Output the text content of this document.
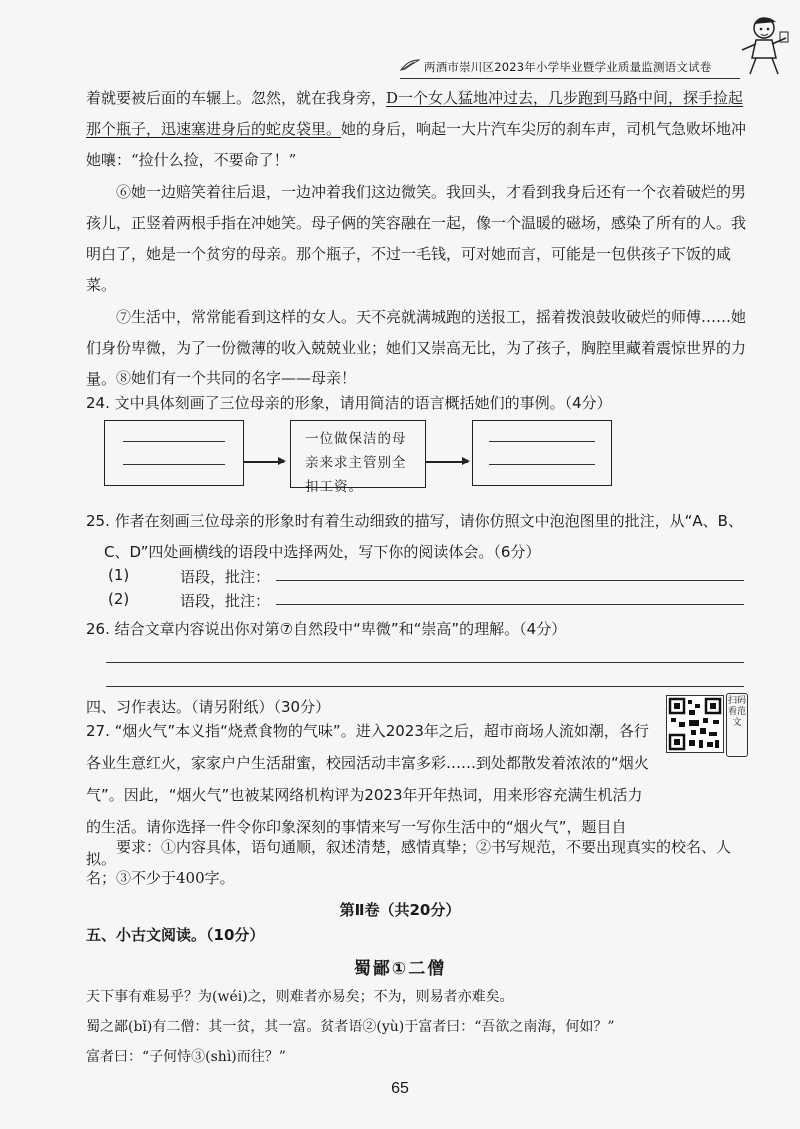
两酒市崇川区2023年小学毕业暨学业质量监测语文试卷
着就要被后面的车辗上。忽然，就在我身旁，D一个女人猛地冲过去，几步跑到马路中间，探手捡起那个瓶子，迅速塞进身后的蛇皮袋里。她的身后，响起一大片汽车尖厉的刹车声，司机气急败坏地冲她嚷：“捡什么捡，不要命了！”
⑥她一边赔笑着往后退，一边冲着我们这边微笑。我回头，才看到我身后还有一个衣着破烂的男孩儿，正竖着两根手指在冲她笑。母子俩的笑容融在一起，像一个温暖的磁场，感染了所有的人。我明白了，她是一个贫穷的母亲。那个瓶子，不过一毛钱，可对她而言，可能是一包供孩子下饭的咸菜。
⑦生活中，常常能看到这样的女人。天不亮就满城跑的送报工，摇着拨浪鼓收破烂的师傅……她们身份卑微，为了一份微薄的收入兢兢业业；她们又崇高无比，为了孩子，胸腔里藏着震惊世界的力量。 ⑧她们有一个共同的名字——母亲！
24. 文中具体刻画了三位母亲的形象，请用简洁的语言概括她们的事例。（4分）
一位做保洁的母亲来求主管别全扣工资。
25. 作者在刻画三位母亲的形象时有着生动细致的描写，请你仿照文中泡泡图里的批注，从“A、B、C、D”四处画横线的语段中选择两处，写下你的阅读体会。（6分）
(1)	语段，批注：
(2)	语段，批注：
26. 结合文章内容说出你对第⑦自然段中“卑微”和“崇高”的理解。（4分）
四、习作表达。（请另附纸）（30分）
27. “烟火气”本义指“烧煮食物的气味”。进入2023年之后，超市商场人流如潮，各行各业生意红火，家家户户生活甜蜜，校园活动丰富多彩……到处都散发着浓浓的“烟火气”。因此，“烟火气”也被某网络机构评为2023年开年热词，用来形容充满生机活力的生活。请你选择一件令你印象深刻的事情来写一写你生活中的“烟火气”，题目自拟。
扫码看范文
要求：①内容具体，语句通顺，叙述清楚，感情真挚；②书写规范，不要出现真实的校名、人名；③不少于400字。
第Ⅱ卷（共20分）
五、小古文阅读。（10分）
蜀鄙①二僧
天下事有难易乎？为(wéi)之，则难者亦易矣；不为，则易者亦难矣。
蜀之鄙(bǐ)有二僧：其一贫，其一富。贫者语②(yù)于富者曰：“吾欲之南海，何如？”
富者曰：“子何恃③(shì)而往？”
65
